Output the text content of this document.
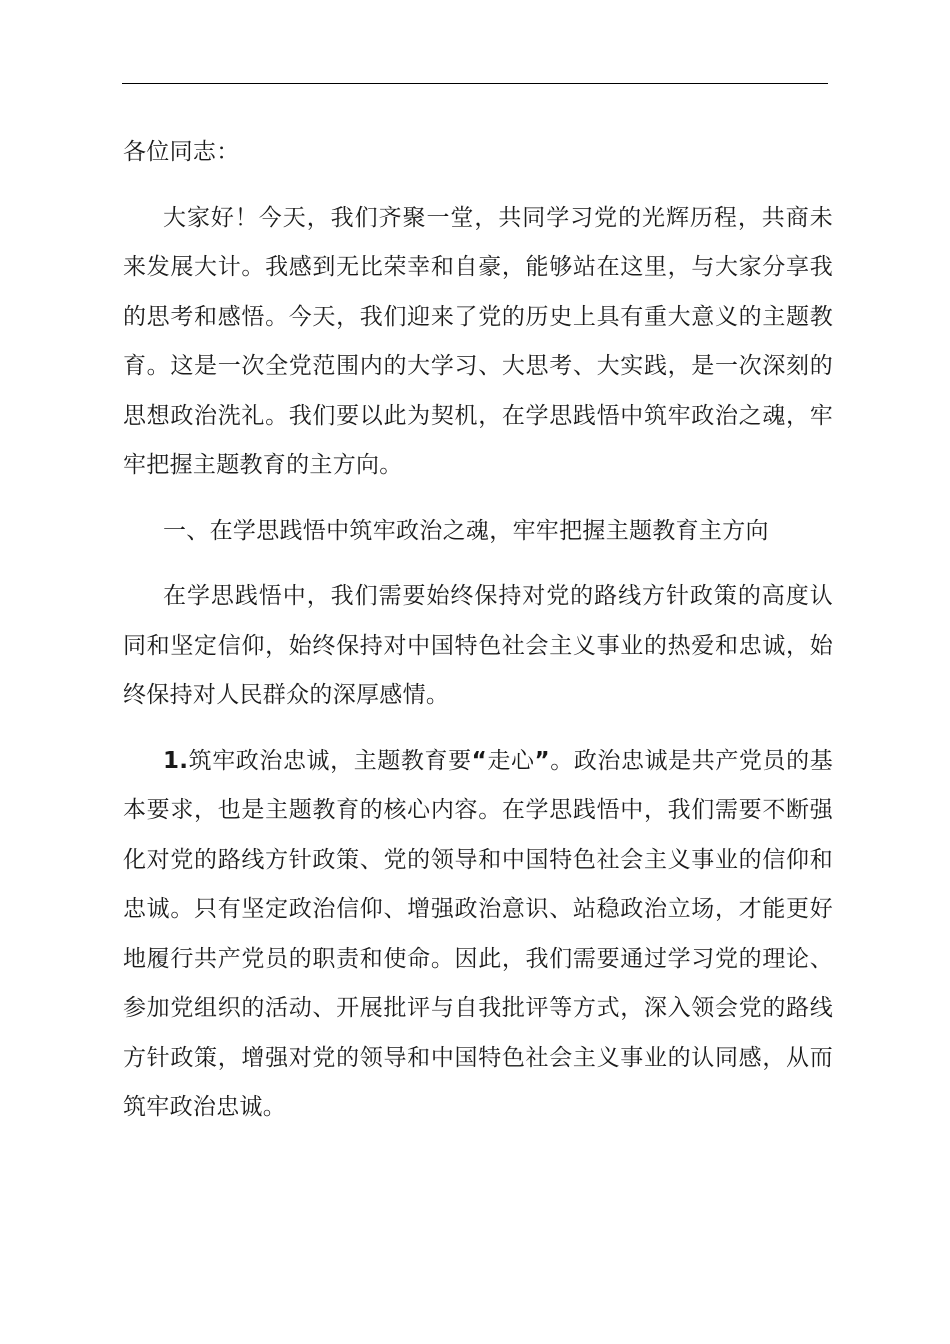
各位同志：

大家好！今天，我们齐聚一堂，共同学习党的光辉历程，共商未来发展大计。我感到无比荣幸和自豪，能够站在这里，与大家分享我的思考和感悟。今天，我们迎来了党的历史上具有重大意义的主题教育。这是一次全党范围内的大学习、大思考、大实践，是一次深刻的思想政治洗礼。我们要以此为契机，在学思践悟中筑牢政治之魂，牢牢把握主题教育的主方向。

一、在学思践悟中筑牢政治之魂，牢牢把握主题教育主方向

在学思践悟中，我们需要始终保持对党的路线方针政策的高度认同和坚定信仰，始终保持对中国特色社会主义事业的热爱和忠诚，始终保持对人民群众的深厚感情。

1.筑牢政治忠诚，主题教育要“走心”。政治忠诚是共产党员的基本要求，也是主题教育的核心内容。在学思践悟中，我们需要不断强化对党的路线方针政策、党的领导和中国特色社会主义事业的信仰和忠诚。只有坚定政治信仰、增强政治意识、站稳政治立场，才能更好地履行共产党员的职责和使命。因此，我们需要通过学习党的理论、参加党组织的活动、开展批评与自我批评等方式，深入领会党的路线方针政策，增强对党的领导和中国特色社会主义事业的认同感，从而筑牢政治忠诚。
